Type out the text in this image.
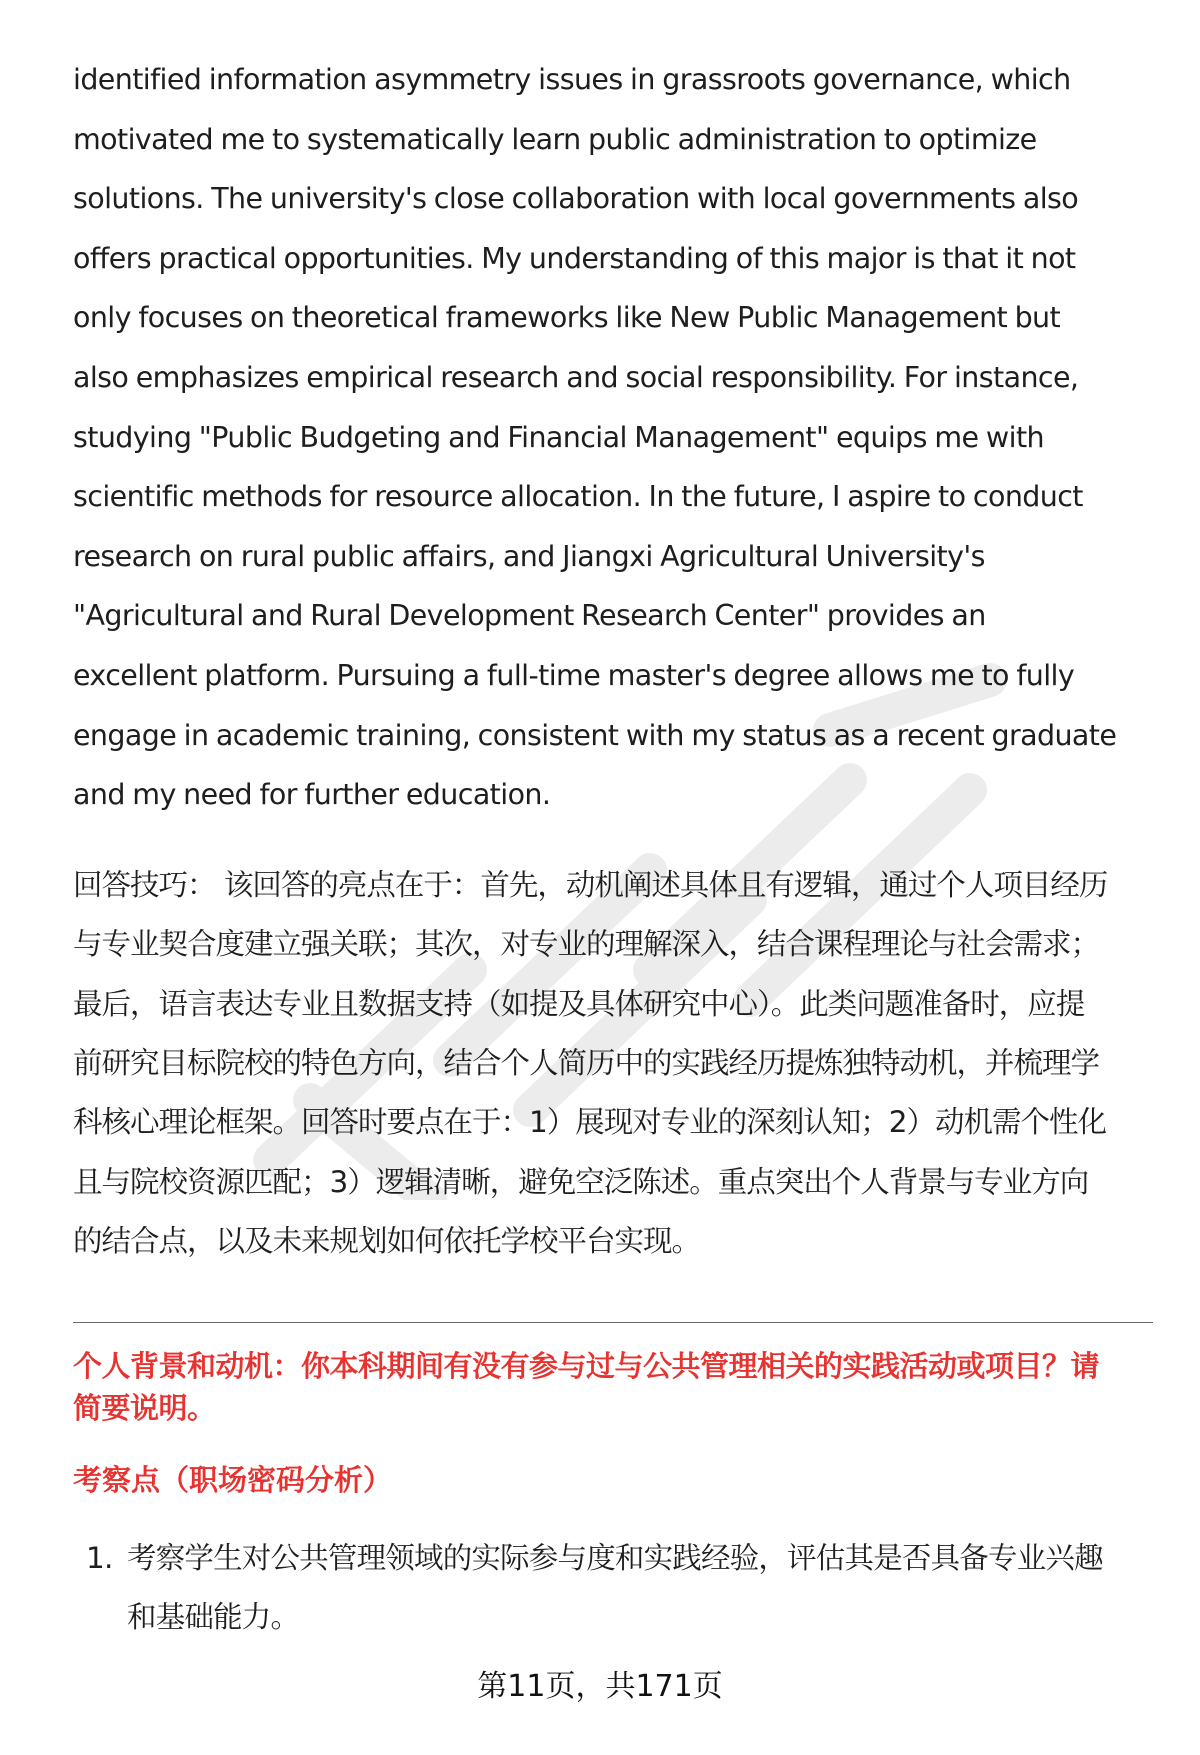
identified information asymmetry issues in grassroots governance, which
motivated me to systematically learn public administration to optimize
solutions. The university's close collaboration with local governments also
offers practical opportunities. My understanding of this major is that it not
only focuses on theoretical frameworks like New Public Management but
also emphasizes empirical research and social responsibility. For instance,
studying "Public Budgeting and Financial Management" equips me with
scientific methods for resource allocation. In the future, I aspire to conduct
research on rural public affairs, and Jiangxi Agricultural University's
"Agricultural and Rural Development Research Center" provides an
excellent platform. Pursuing a full-time master's degree allows me to fully
engage in academic training, consistent with my status as a recent graduate
and my need for further education.

回答技巧： 该回答的亮点在于：首先，动机阐述具体且有逻辑，通过个人项目经历
与专业契合度建立强关联；其次，对专业的理解深入，结合课程理论与社会需求；
最后，语言表达专业且数据支持（如提及具体研究中心）。此类问题准备时，应提
前研究目标院校的特色方向，结合个人简历中的实践经历提炼独特动机，并梳理学
科核心理论框架。回答时要点在于：1）展现对专业的深刻认知；2）动机需个性化
且与院校资源匹配；3）逻辑清晰，避免空泛陈述。重点突出个人背景与专业方向
的结合点，以及未来规划如何依托学校平台实现。

个人背景和动机：你本科期间有没有参与过与公共管理相关的实践活动或项目？请
简要说明。

考察点（职场密码分析）

1. 考察学生对公共管理领域的实际参与度和实践经验，评估其是否具备专业兴趣
和基础能力。
第11页，共171页
